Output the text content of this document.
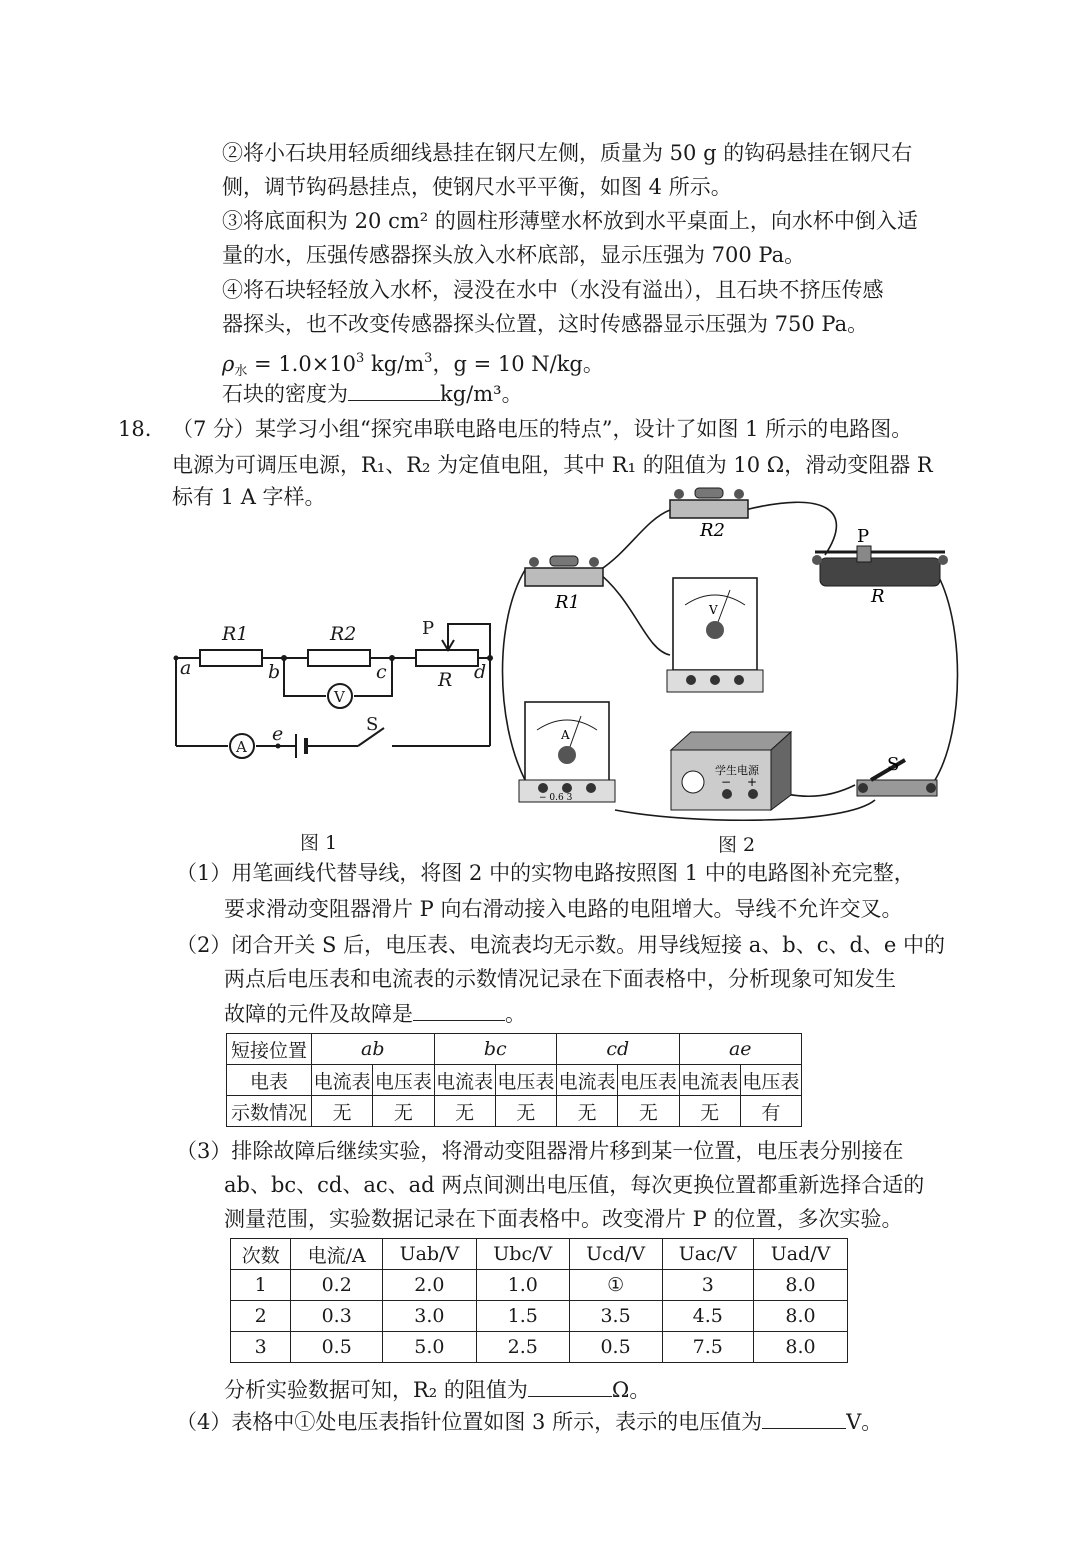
②将小石块用轻质细线悬挂在钢尺左侧，质量为 50 g 的钩码悬挂在钢尺右
侧，调节钩码悬挂点，使钢尺水平平衡，如图 4 所示。
③将底面积为 20 cm² 的圆柱形薄壁水杯放到水平桌面上，向水杯中倒入适
量的水，压强传感器探头放入水杯底部，显示压强为 700 Pa。
④将石块轻轻放入水杯，浸没在水中（水没有溢出），且石块不挤压传感
器探头，也不改变传感器探头位置，这时传感器显示压强为 750 Pa。
$\rho_水 = 1.0\times 10^3$ $kg/m^3$，g = 10 N/kg。
石块的密度为	kg/m³。
18. （7 分）某学习小组“探究串联电路电压的特点”，设计了如图 1 所示的电路图。
电源为可调压电源，R₁、R₂ 为定值电阻，其中 R₁ 的阻值为 10 Ω，滑动变阻器 R
标有 1 A 字样。
R1	R2
R
a	b	c	d
e
P
V
A
S
图 1
R2
R1
P
R
V
A
− 0.6 3
学生电源
− +
S
图 2
（1）用笔画线代替导线，将图 2 中的实物电路按照图 1 中的电路图补充完整，
要求滑动变阻器滑片 P 向右滑动接入电路的电阻增大。导线不允许交叉。
（2）闭合开关 S 后，电压表、电流表均无示数。用导线短接 a、b、c、d、e 中的
两点后电压表和电流表的示数情况记录在下面表格中，分析现象可知发生
故障的元件及故障是	。
短接位置	ab		bc		cd		ae	
电表	电流表	电压表	电流表	电压表	电流表	电压表	电流表	电压表
示数情况	无	无	无	无	无	无	无	有
（3）排除故障后继续实验，将滑动变阻器滑片移到某一位置，电压表分别接在
ab、bc、cd、ac、ad 两点间测出电压值，每次更换位置都重新选择合适的
测量范围，实验数据记录在下面表格中。改变滑片 P 的位置，多次实验。
次数	电流/A	Uab/V	Ubc/V	Ucd/V	Uac/V	Uad/V
1	0.2	2.0	1.0	①	3	8.0
2	0.3	3.0	1.5	3.5	4.5	8.0
3	0.5	5.0	2.5	0.5	7.5	8.0
分析实验数据可知，R₂ 的阻值为	Ω。
（4）表格中①处电压表指针位置如图 3 所示，表示的电压值为	V。
